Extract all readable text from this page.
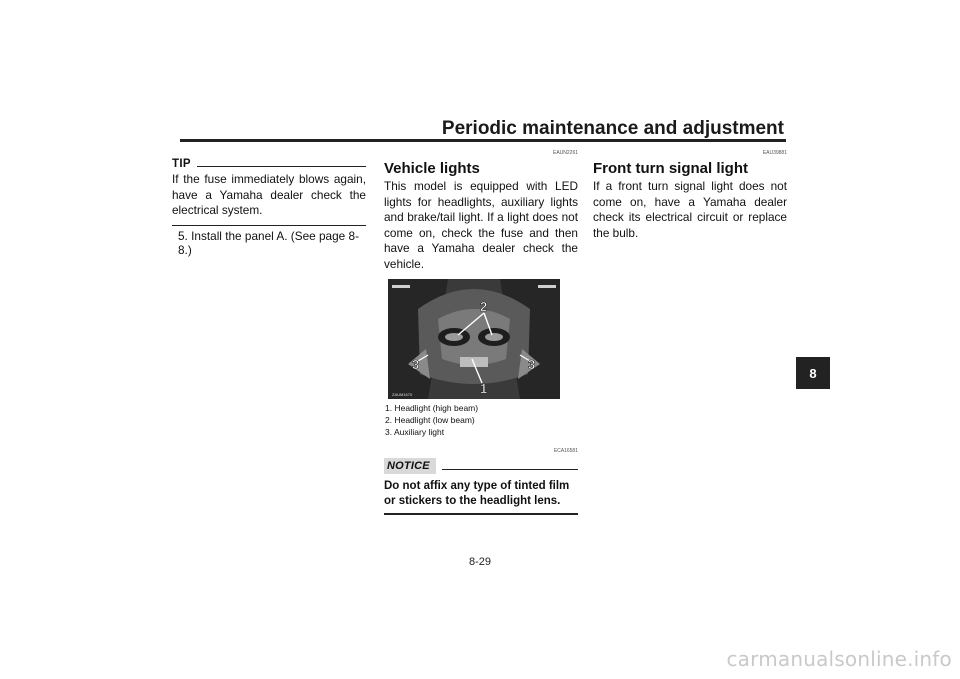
Periodic maintenance and adjustment
TIP

If the fuse immediately blows again, have a Yamaha dealer check the electrical system.

5. Install the panel A. (See page 8-8.)
EAUN2261
Vehicle lights

This model is equipped with LED lights for headlights, auxiliary lights and brake/tail light. If a light does not come on, check the fuse and then have a Yamaha dealer check the vehicle.

2
3	3
1
ZAUM1670
1. Headlight (high beam)
2. Headlight (low beam)
3. Auxiliary light
ECA16581
NOTICE
Do not affix any type of tinted film or stickers to the headlight lens.
EAU39881
Front turn signal light

If a front turn signal light does not come on, have a Yamaha dealer check its electrical circuit or replace the bulb.

8
8-29
carmanualsonline.info
